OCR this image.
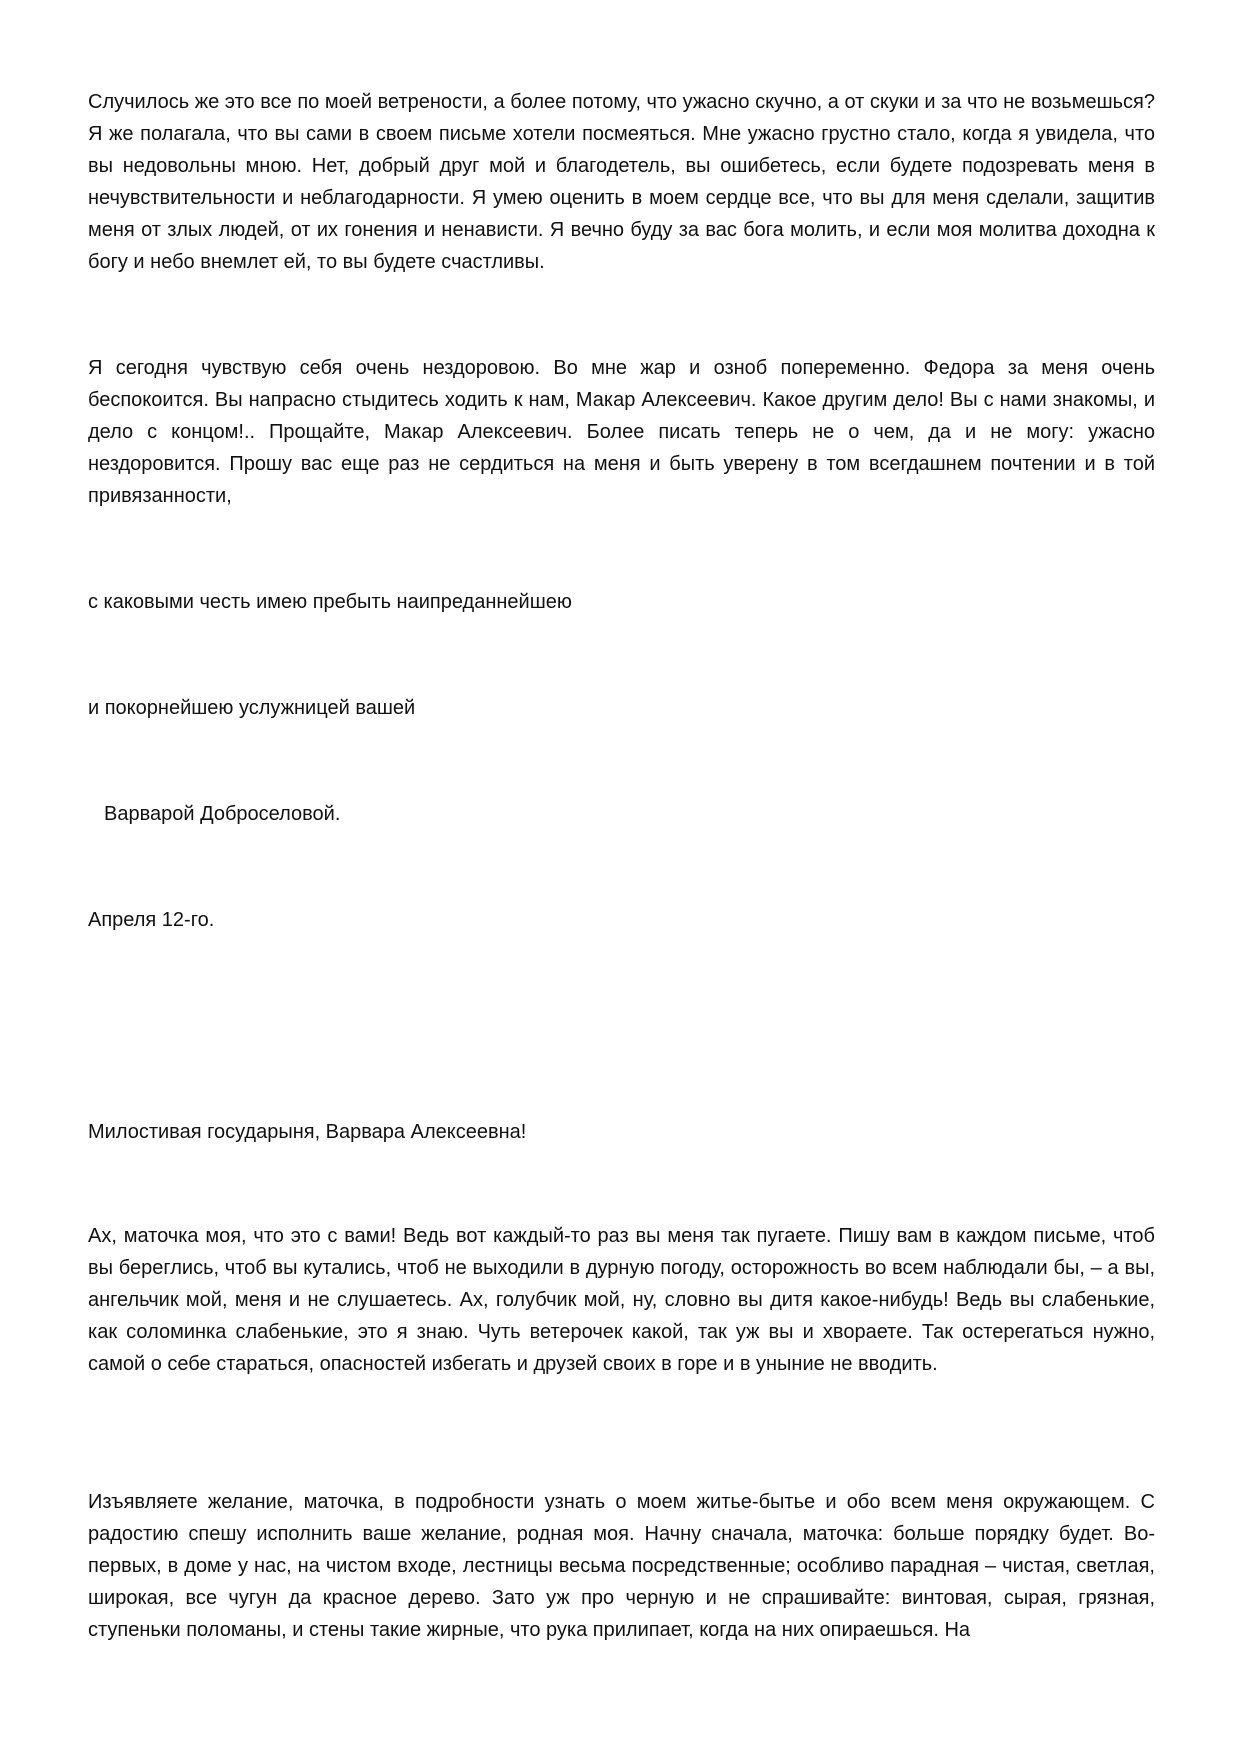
Случилось же это все по моей ветрености, а более потому, что ужасно скучно, а от скуки и за что не возьмешься? Я же полагала, что вы сами в своем письме хотели посмеяться. Мне ужасно грустно стало, когда я увидела, что вы недовольны мною. Нет, добрый друг мой и благодетель, вы ошибетесь, если будете подозревать меня в нечувствительности и неблагодарности. Я умею оценить в моем сердце все, что вы для меня сделали, защитив меня от злых людей, от их гонения и ненависти. Я вечно буду за вас бога молить, и если моя молитва доходна к богу и небо внемлет ей, то вы будете счастливы.

Я сегодня чувствую себя очень нездоровою. Во мне жар и озноб попеременно. Федора за меня очень беспокоится. Вы напрасно стыдитесь ходить к нам, Макар Алексеевич. Какое другим дело! Вы с нами знакомы, и дело с концом!.. Прощайте, Макар Алексеевич. Более писать теперь не о чем, да и не могу: ужасно нездоровится. Прошу вас еще раз не сердиться на меня и быть уверену в том всегдашнем почтении и в той привязанности,

с каковыми честь имею пребыть наипреданнейшею

и покорнейшею услужницей вашей

Варварой Доброселовой.

Апреля 12-го.

Милостивая государыня, Варвара Алексеевна!

Ах, маточка моя, что это с вами! Ведь вот каждый-то раз вы меня так пугаете. Пишу вам в каждом письме, чтоб вы береглись, чтоб вы кутались, чтоб не выходили в дурную погоду, осторожность во всем наблюдали бы, – а вы, ангельчик мой, меня и не слушаетесь. Ах, голубчик мой, ну, словно вы дитя какое-нибудь! Ведь вы слабенькие, как соломинка слабенькие, это я знаю. Чуть ветерочек какой, так уж вы и хвораете. Так остерегаться нужно, самой о себе стараться, опасностей избегать и друзей своих в горе и в уныние не вводить.

Изъявляете желание, маточка, в подробности узнать о моем житье-бытье и обо всем меня окружающем. С радостию спешу исполнить ваше желание, родная моя. Начну сначала, маточка: больше порядку будет. Во-первых, в доме у нас, на чистом входе, лестницы весьма посредственные; особливо парадная – чистая, светлая, широкая, все чугун да красное дерево. Зато уж про черную и не спрашивайте: винтовая, сырая, грязная, ступеньки поломаны, и стены такие жирные, что рука прилипает, когда на них опираешься. На
